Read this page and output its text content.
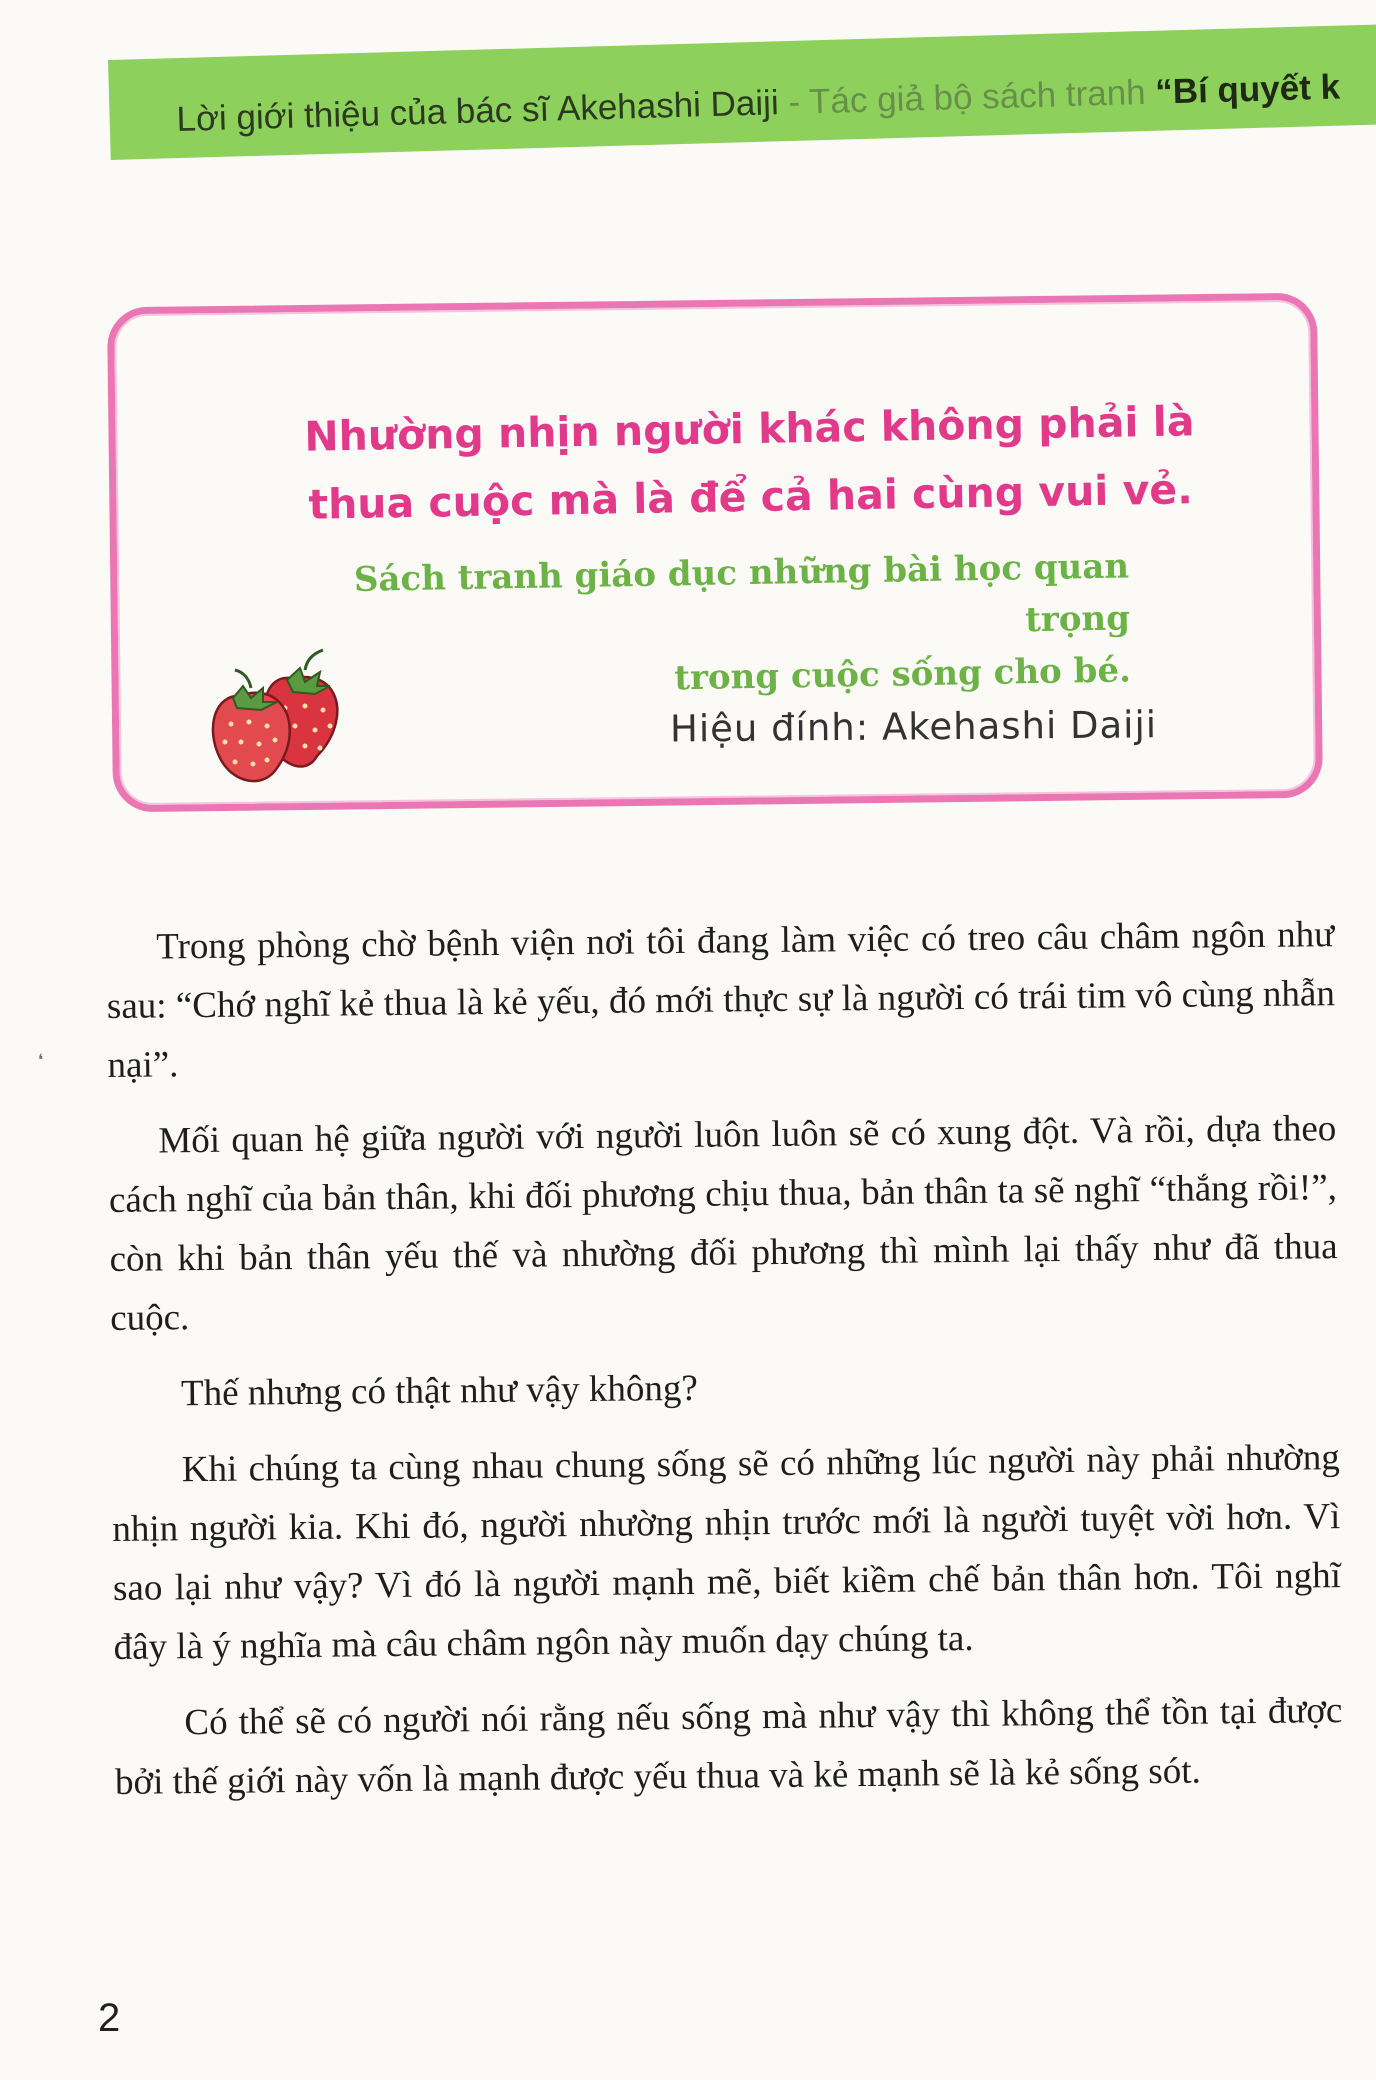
Lời giới thiệu của bác sĩ Akehashi Daiji - Tác giả bộ sách tranh “Bí quyết k
Nhường nhịn người khác không phải là
thua cuộc mà là để cả hai cùng vui vẻ.
Sách tranh giáo dục những bài học quan trọng
trong cuộc sống cho bé.
Hiệu đính: Akehashi Daiji

Trong phòng chờ bệnh viện nơi tôi đang làm việc có treo câu châm ngôn như sau: “Chớ nghĩ kẻ thua là kẻ yếu, đó mới thực sự là người có trái tim vô cùng nhẫn nại”.

Mối quan hệ giữa người với người luôn luôn sẽ có xung đột. Và rồi, dựa theo cách nghĩ của bản thân, khi đối phương chịu thua, bản thân ta sẽ nghĩ “thắng rồi!”, còn khi bản thân yếu thế và nhường đối phương thì mình lại thấy như đã thua cuộc.

Thế nhưng có thật như vậy không?

Khi chúng ta cùng nhau chung sống sẽ có những lúc người này phải nhường nhịn người kia. Khi đó, người nhường nhịn trước mới là người tuyệt vời hơn. Vì sao lại như vậy? Vì đó là người mạnh mẽ, biết kiềm chế bản thân hơn. Tôi nghĩ đây là ý nghĩa mà câu châm ngôn này muốn dạy chúng ta.

Có thể sẽ có người nói rằng nếu sống mà như vậy thì không thể tồn tại được bởi thế giới này vốn là mạnh được yếu thua và kẻ mạnh sẽ là kẻ sống sót.

❛
2
